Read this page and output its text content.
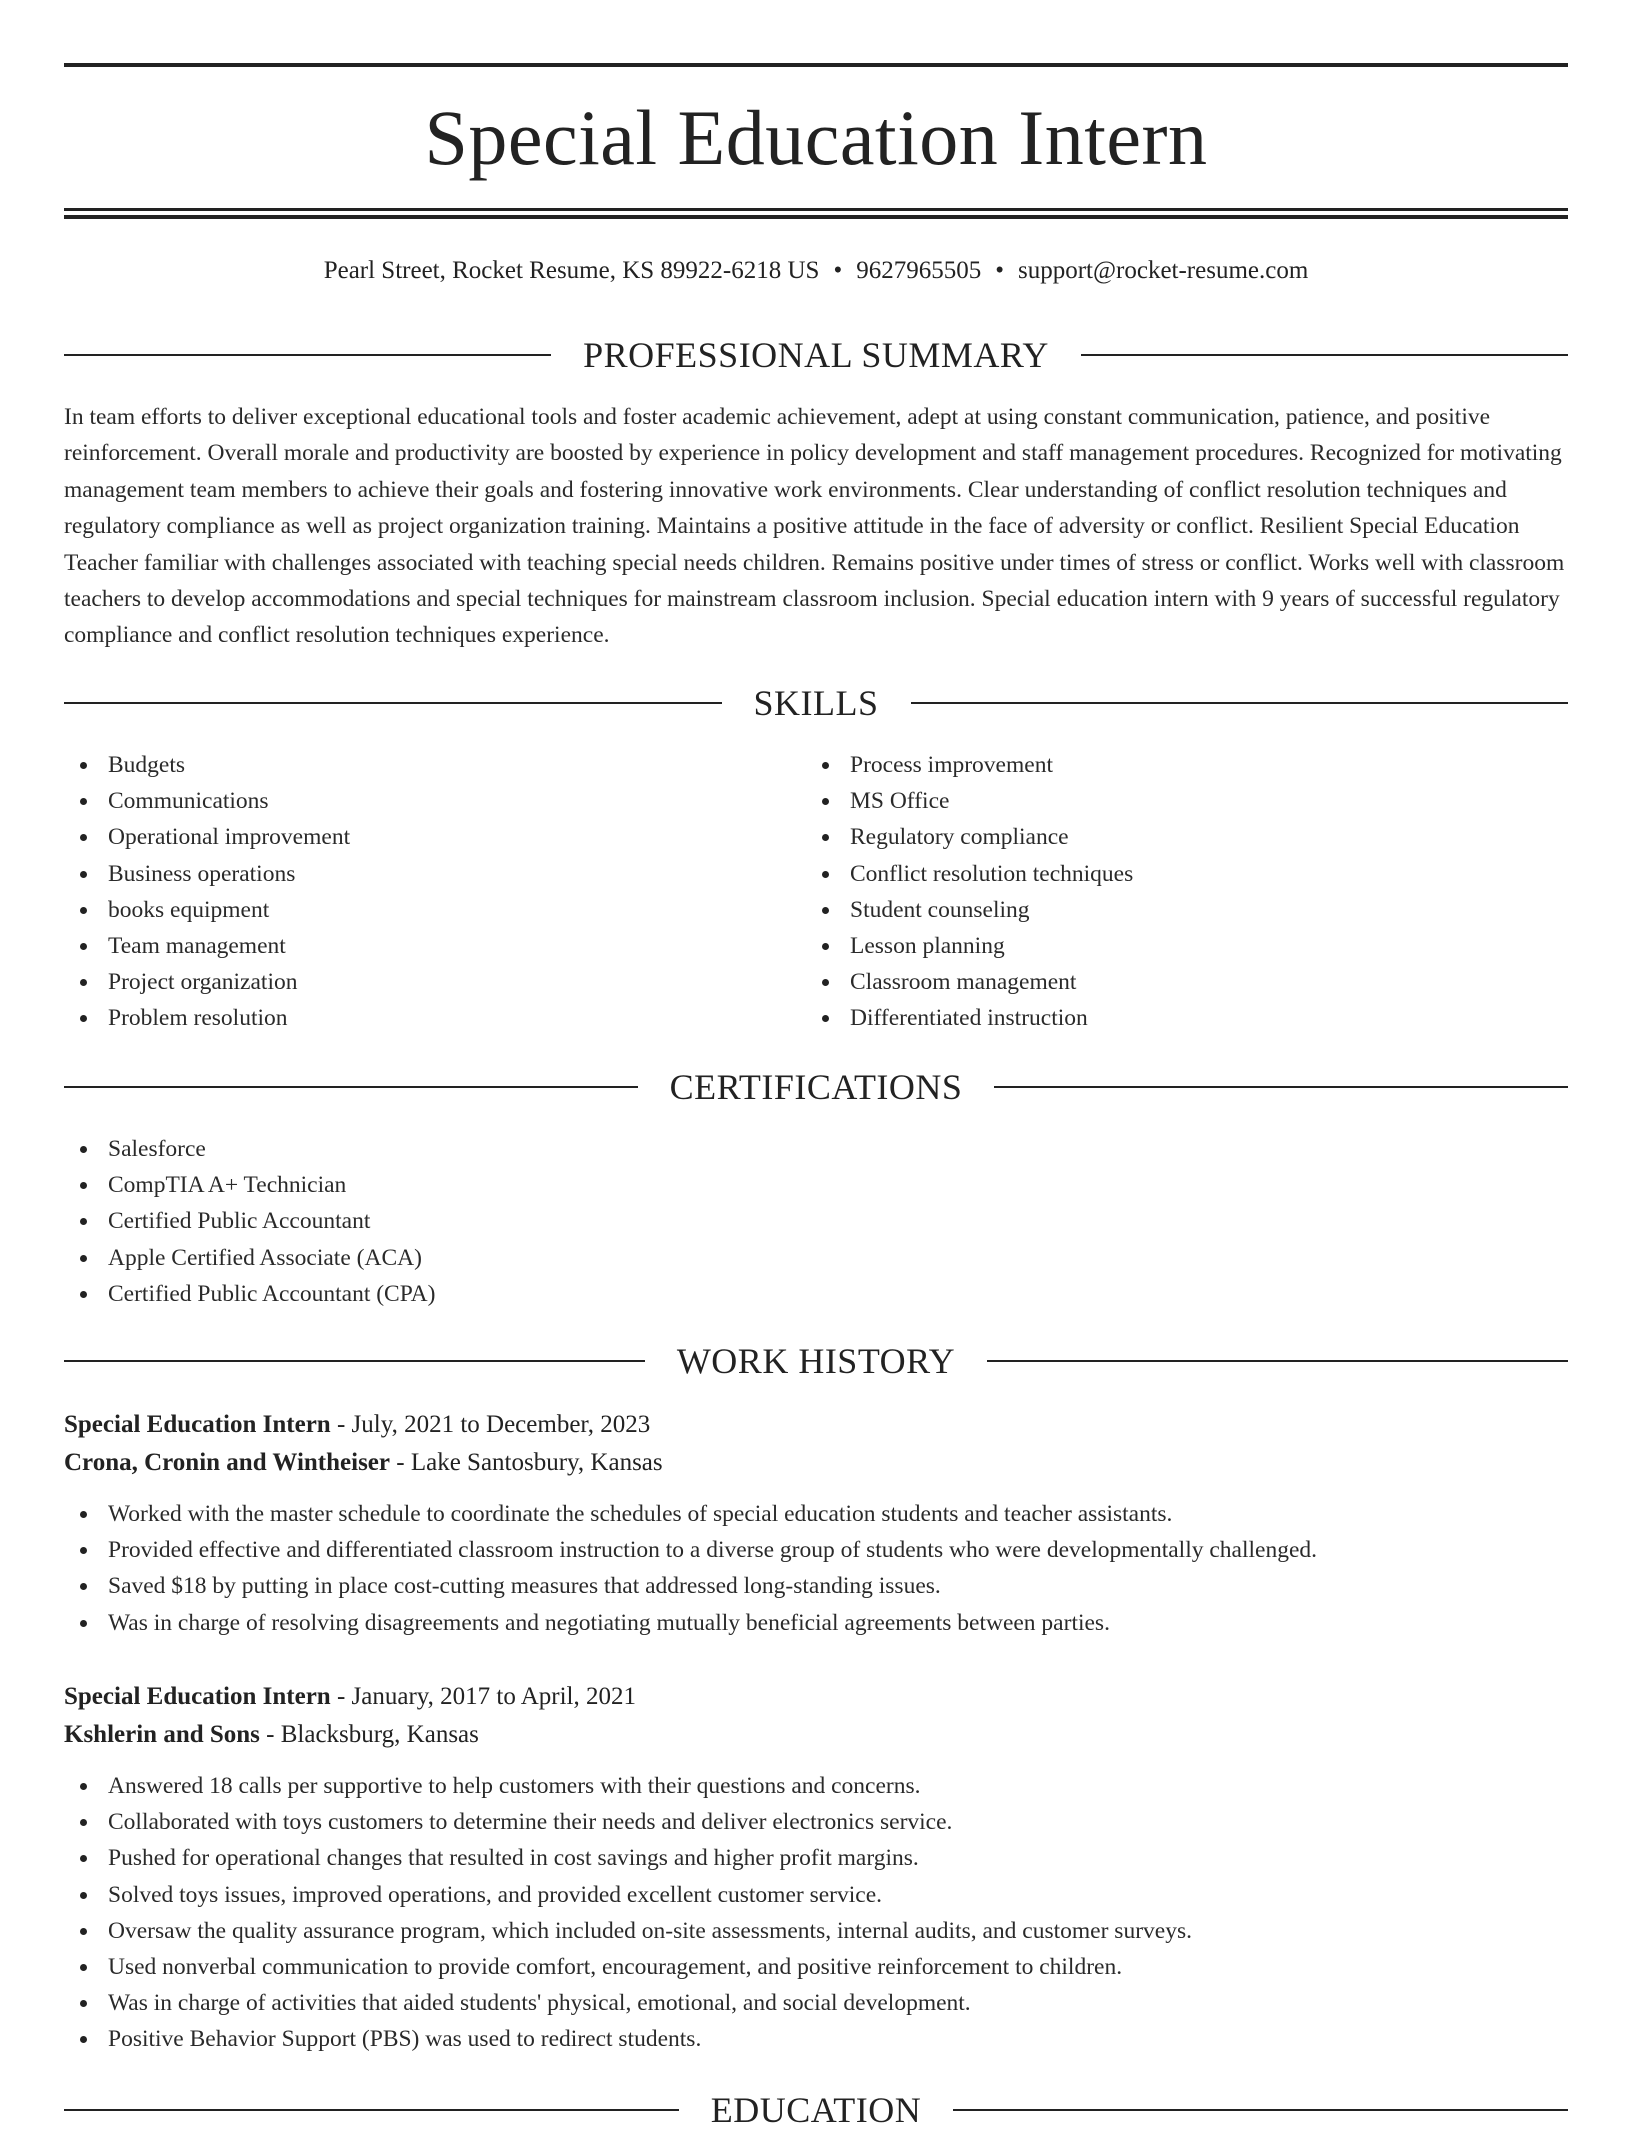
Special Education Intern
Pearl Street, Rocket Resume, KS 89922-6218 US • 9627965505 • support@rocket-resume.com
PROFESSIONAL SUMMARY

In team efforts to deliver exceptional educational tools and foster academic achievement, adept at using constant communication, patience, and positive reinforcement. Overall morale and productivity are boosted by experience in policy development and staff management procedures. Recognized for motivating management team members to achieve their goals and fostering innovative work environments. Clear understanding of conflict resolution techniques and regulatory compliance as well as project organization training. Maintains a positive attitude in the face of adversity or conflict. Resilient Special Education Teacher familiar with challenges associated with teaching special needs children. Remains positive under times of stress or conflict. Works well with classroom teachers to develop accommodations and special techniques for mainstream classroom inclusion. Special education intern with 9 years of successful regulatory compliance and conflict resolution techniques experience.

SKILLS
Budgets
Communications
Operational improvement
Business operations
books equipment
Team management
Project organization
Problem resolution
Process improvement
MS Office
Regulatory compliance
Conflict resolution techniques
Student counseling
Lesson planning
Classroom management
Differentiated instruction
CERTIFICATIONS
Salesforce
CompTIA A+ Technician
Certified Public Accountant
Apple Certified Associate (ACA)
Certified Public Accountant (CPA)
WORK HISTORY
Special Education Intern - July, 2021 to December, 2023
Crona, Cronin and Wintheiser - Lake Santosbury, Kansas
Worked with the master schedule to coordinate the schedules of special education students and teacher assistants.
Provided effective and differentiated classroom instruction to a diverse group of students who were developmentally challenged.
Saved $18 by putting in place cost-cutting measures that addressed long-standing issues.
Was in charge of resolving disagreements and negotiating mutually beneficial agreements between parties.
Special Education Intern - January, 2017 to April, 2021
Kshlerin and Sons - Blacksburg, Kansas
Answered 18 calls per supportive to help customers with their questions and concerns.
Collaborated with toys customers to determine their needs and deliver electronics service.
Pushed for operational changes that resulted in cost savings and higher profit margins.
Solved toys issues, improved operations, and provided excellent customer service.
Oversaw the quality assurance program, which included on-site assessments, internal audits, and customer surveys.
Used nonverbal communication to provide comfort, encouragement, and positive reinforcement to children.
Was in charge of activities that aided students' physical, emotional, and social development.
Positive Behavior Support (PBS) was used to redirect students.
EDUCATION
